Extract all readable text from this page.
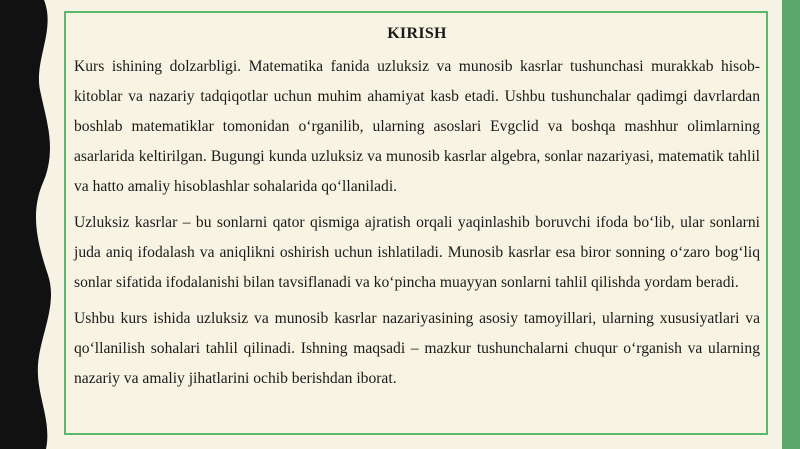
KIRISH

Kurs ishining dolzarbligi. Matematika fanida uzluksiz va munosib kasrlar tushunchasi murakkab hisob-kitoblar va nazariy tadqiqotlar uchun muhim ahamiyat kasb etadi. Ushbu tushunchalar qadimgi davrlardan boshlab matematiklar tomonidan o‘rganilib, ularning asoslari Evgclid va boshqa mashhur olimlarning asarlarida keltirilgan. Bugungi kunda uzluksiz va munosib kasrlar algebra, sonlar nazariyasi, matematik tahlil va hatto amaliy hisoblashlar sohalarida qo‘llaniladi.

Uzluksiz kasrlar – bu sonlarni qator qismiga ajratish orqali yaqinlashib boruvchi ifoda bo‘lib, ular sonlarni juda aniq ifodalash va aniqlikni oshirish uchun ishlatiladi. Munosib kasrlar esa biror sonning o‘zaro bog‘liq sonlar sifatida ifodalanishi bilan tavsiflanadi va ko‘pincha muayyan sonlarni tahlil qilishda yordam beradi.

Ushbu kurs ishida uzluksiz va munosib kasrlar nazariyasining asosiy tamoyillari, ularning xususiyatlari va qo‘llanilish sohalari tahlil qilinadi. Ishning maqsadi – mazkur tushunchalarni chuqur o‘rganish va ularning nazariy va amaliy jihatlarini ochib berishdan iborat.
